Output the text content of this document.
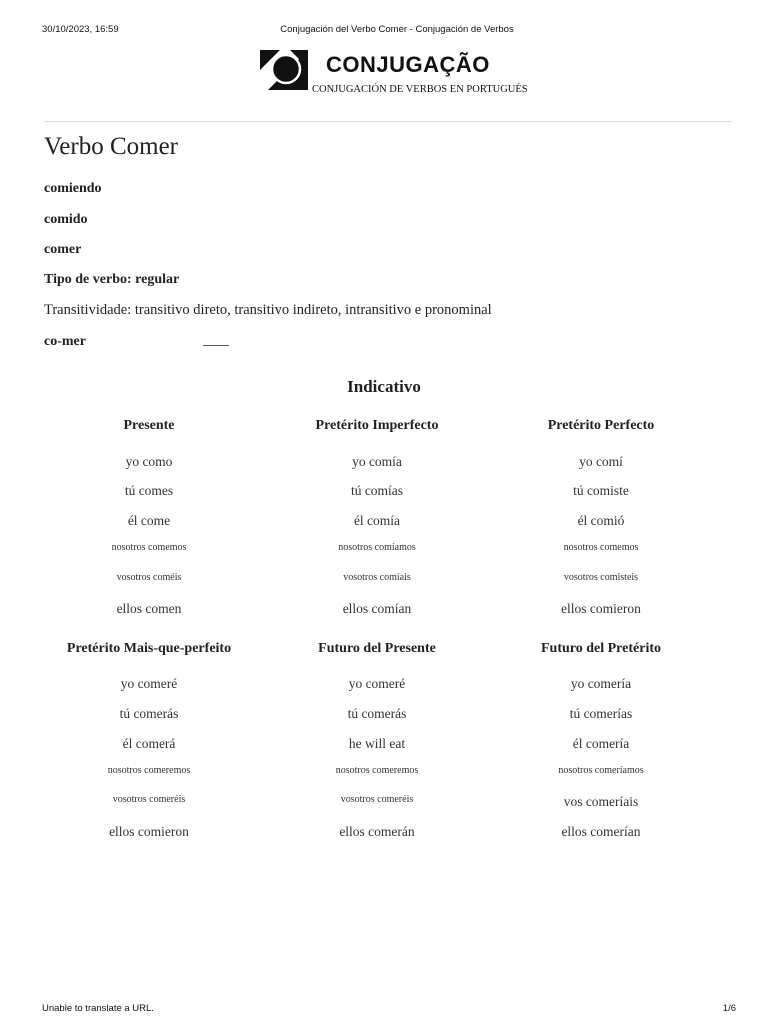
30/10/2023, 16:59	Conjugación del Verbo Comer - Conjugación de Verbos
CONJUGAÇÃO
CONJUGACIÓN DE VERBOS EN PORTUGUÉS
Verbo Comer
comiendo
comido
comer
Tipo de verbo: regular
Transitividade: transitivo direto, transitivo indireto, intransitivo e pronominal
co-mer
Indicativo
Presente
yo como
tú comes
él come
nosotros comemos
vosotros coméis
ellos comen
Pretérito Imperfecto
yo comía
tú comías
él comía
nosotros comíamos
vosotros comíais
ellos comían
Pretérito Perfecto
yo comí
tú comiste
él comió
nosotros comemos
vosotros comisteis
ellos comieron
Pretérito Mais-que-perfeito
yo comeré
tú comerás
él comerá
nosotros comeremos
vosotros comeréis
ellos comieron
Futuro del Presente
yo comeré
tú comerás
he will eat
nosotros comeremos
vosotros comeréis
ellos comerán
Futuro del Pretérito
yo comería
tú comerías
él comería
nosotros comeríamos
vos comeríais
ellos comerían
Unable to translate a URL.	1/6
